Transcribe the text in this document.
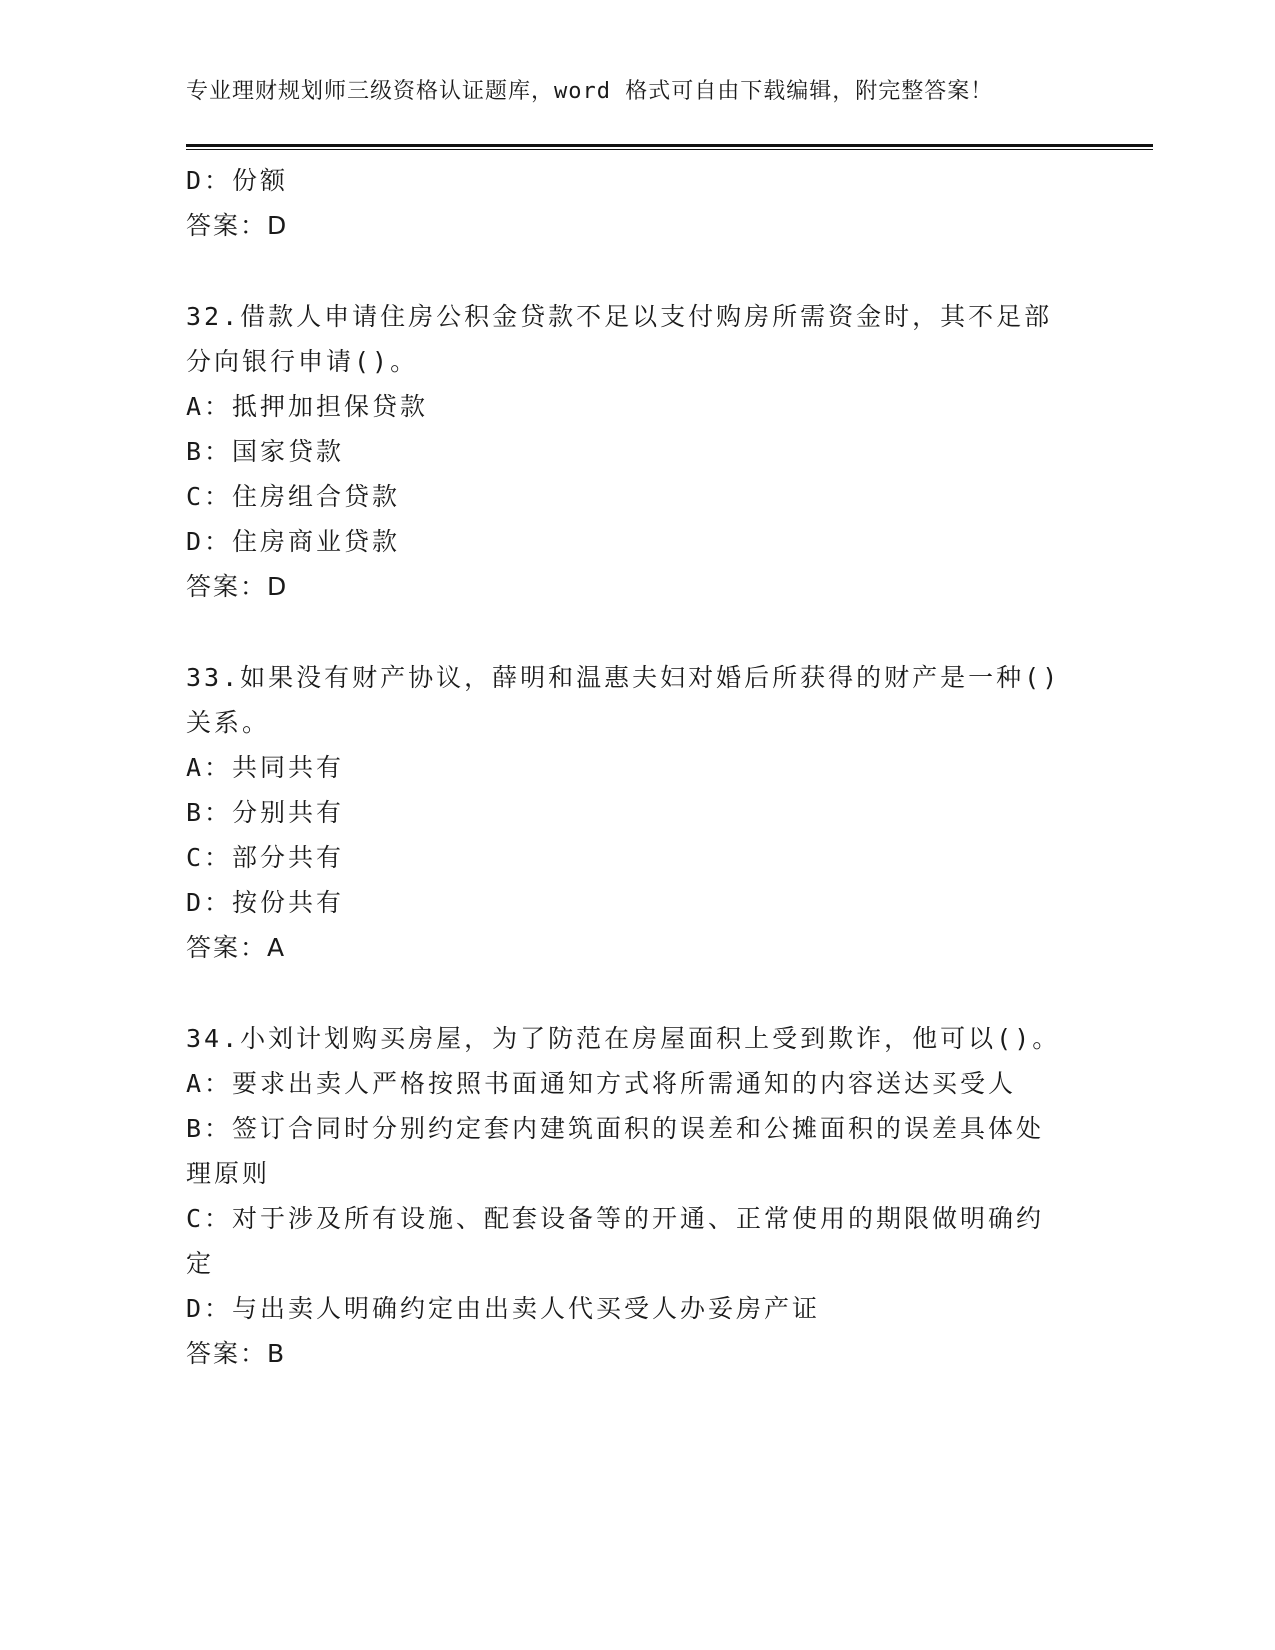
专业理财规划师三级资格认证题库，word 格式可自由下载编辑，附完整答案！

D：份额

答案：D

32.借款人申请住房公积金贷款不足以支付购房所需资金时，其不足部

分向银行申请()。

A：抵押加担保贷款

B：国家贷款

C：住房组合贷款

D：住房商业贷款

答案：D

33.如果没有财产协议，薛明和温惠夫妇对婚后所获得的财产是一种()

关系。

A：共同共有

B：分别共有

C：部分共有

D：按份共有

答案：A

34.小刘计划购买房屋，为了防范在房屋面积上受到欺诈，他可以()。

A：要求出卖人严格按照书面通知方式将所需通知的内容送达买受人

B：签订合同时分别约定套内建筑面积的误差和公摊面积的误差具体处

理原则

C：对于涉及所有设施、配套设备等的开通、正常使用的期限做明确约

定

D：与出卖人明确约定由出卖人代买受人办妥房产证

答案：B
